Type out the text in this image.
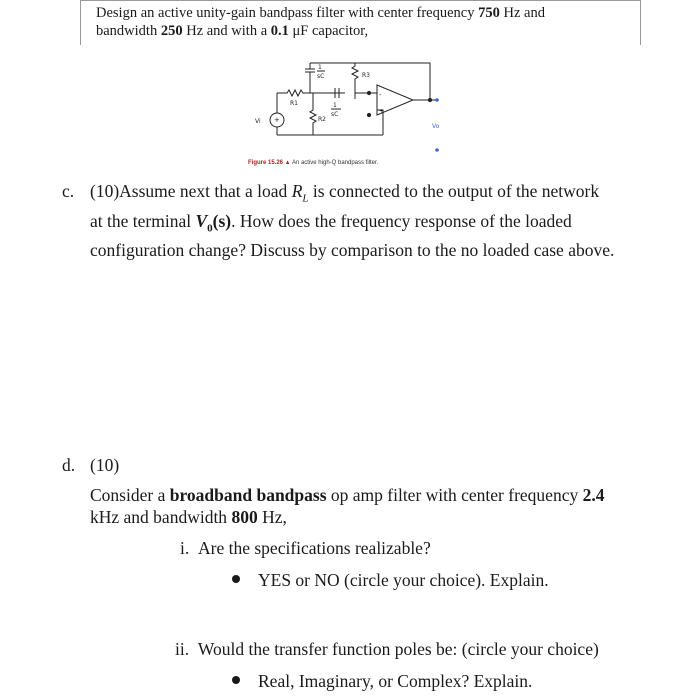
Design an active unity-gain bandpass filter with center frequency 750 Hz and
bandwidth 250 Hz and with a 0.1 μF capacitor,
1
sC	R3
R1	1
sC
R2
+
Vi
-
+
Vo
Figure 15.26 ▲ An active high-Q bandpass filter.
c. (10)Assume next that a load $R_L$ is connected to the output of the network
at the terminal $V_0(s)$. How does the frequency response of the loaded
configuration change? Discuss by comparison to the no loaded case above.
d. (10)
Consider a broadband bandpass op amp filter with center frequency 2.4
kHz and bandwidth 800 Hz,
i. Are the specifications realizable?
YES or NO (circle your choice). Explain.
ii. Would the transfer function poles be: (circle your choice)
Real, Imaginary, or Complex? Explain.
